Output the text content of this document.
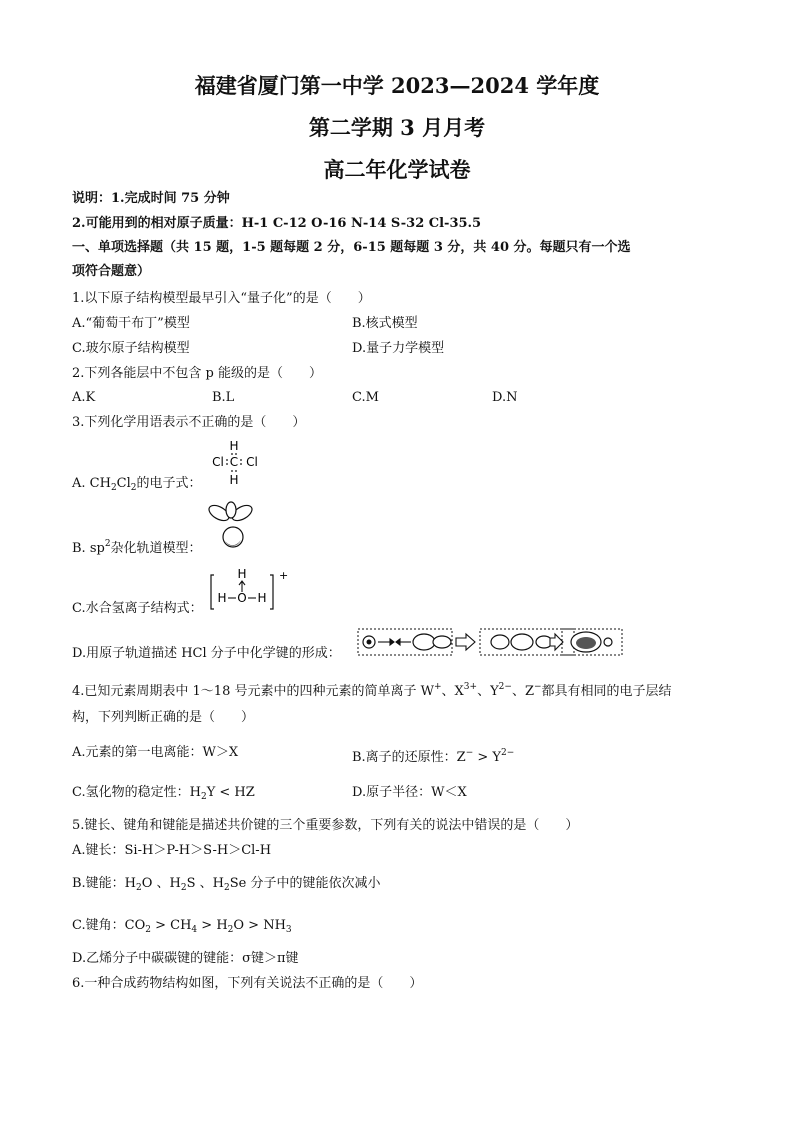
福建省厦门第一中学 2023—2024 学年度
第二学期 3 月月考
高二年化学试卷
说明：1.完成时间 75 分钟
2.可能用到的相对原子质量：H-1 C-12 O-16 N-14 S-32 Cl-35.5
一、单项选择题（共 15 题，1-5 题每题 2 分，6-15 题每题 3 分，共 40 分。每题只有一个选
项符合题意）
1.以下原子结构模型最早引入“量子化”的是（　　）
A.“葡萄干布丁”模型	B.核式模型
C.玻尔原子结构模型	D.量子力学模型
2.下列各能层中不包含 p 能级的是（　　）
A.K	B.L	C.M	D.N
3.下列化学用语表示不正确的是（　　）
H
Cl C Cl
H
A. $CH_2Cl_2$的电子式：
B. $sp^2$杂化轨道模型：
+
H
H O H
C.水合氢离子结构式：
D.用原子轨道描述 HCl 分子中化学键的形成：
4.已知元素周期表中 1～18 号元素中的四种元素的简单离子 W+、$X^{3+}$、$Y^{2-}$、Z−都具有相同的电子层结
构，下列判断正确的是（　　）
A.元素的第一电离能：W＞X	B.离子的还原性：$Z^- > Y^{2-}$
C.氢化物的稳定性：$H_2Y$ < HZ	D.原子半径：W＜X
5.键长、键角和键能是描述共价键的三个重要参数，下列有关的说法中错误的是（　　）
A.键长：Si-H＞P-H＞S-H＞Cl-H
B.键能：$H_2O$ 、$H_2S$ 、$H_2Se$ 分子中的键能依次减小
C.键角：$CO_2 > CH_4 > H_2O > NH_3$
D.乙烯分子中碳碳键的键能：σ键＞π键
6.一种合成药物结构如图，下列有关说法不正确的是（　　）
